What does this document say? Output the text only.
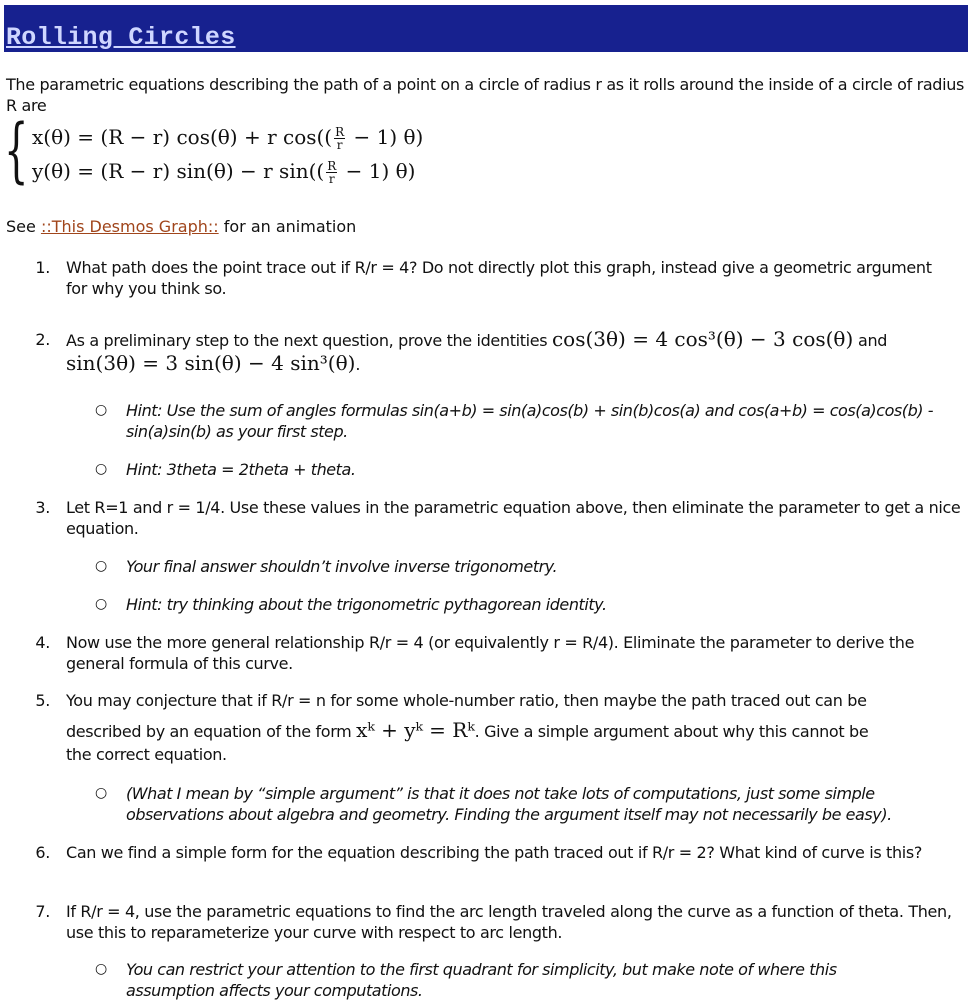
Rolling Circles
The parametric equations describing the path of a point on a circle of radius r as it rolls around the inside of a circle of radius R are
{ x(θ) = (R − r) cos(θ) + r $\cos(( \frac{R}{r} - 1)$ θ)
y(θ) = (R − r) sin(θ) − r $\sin(( \frac{R}{r} - 1)$ θ)
See ::This Desmos Graph:: for an animation
1. What path does the point trace out if R/r = 4? Do not directly plot this graph, instead give a geometric argument for why you think so.
2. As a preliminary step to the next question, prove the identities cos(3θ) = 4 cos³(θ) − 3 cos(θ) and
sin(3θ) = 3 sin(θ) − 4 sin³(θ).
○ Hint: Use the sum of angles formulas sin(a+b) = sin(a)cos(b) + sin(b)cos(a) and cos(a+b) = cos(a)cos(b) - sin(a)sin(b) as your first step.
○ Hint: 3theta = 2theta + theta.
3. Let R=1 and r = 1/4. Use these values in the parametric equation above, then eliminate the parameter to get a nice equation.
○ Your final answer shouldn’t involve inverse trigonometry.
○ Hint: try thinking about the trigonometric pythagorean identity.
4. Now use the more general relationship R/r = 4 (or equivalently r = R/4). Eliminate the parameter to derive the general formula of this curve.
5. You may conjecture that if R/r = n for some whole-number ratio, then maybe the path traced out can be
described by an equation of the form xᵏ + yᵏ = Rᵏ. Give a simple argument about why this cannot be
the correct equation.
○ (What I mean by “simple argument” is that it does not take lots of computations, just some simple observations about algebra and geometry. Finding the argument itself may not necessarily be easy).
6. Can we find a simple form for the equation describing the path traced out if R/r = 2? What kind of curve is this?
7. If R/r = 4, use the parametric equations to find the arc length traveled along the curve as a function of theta. Then, use this to reparameterize your curve with respect to arc length.
○ You can restrict your attention to the first quadrant for simplicity, but make note of where this assumption affects your computations.
